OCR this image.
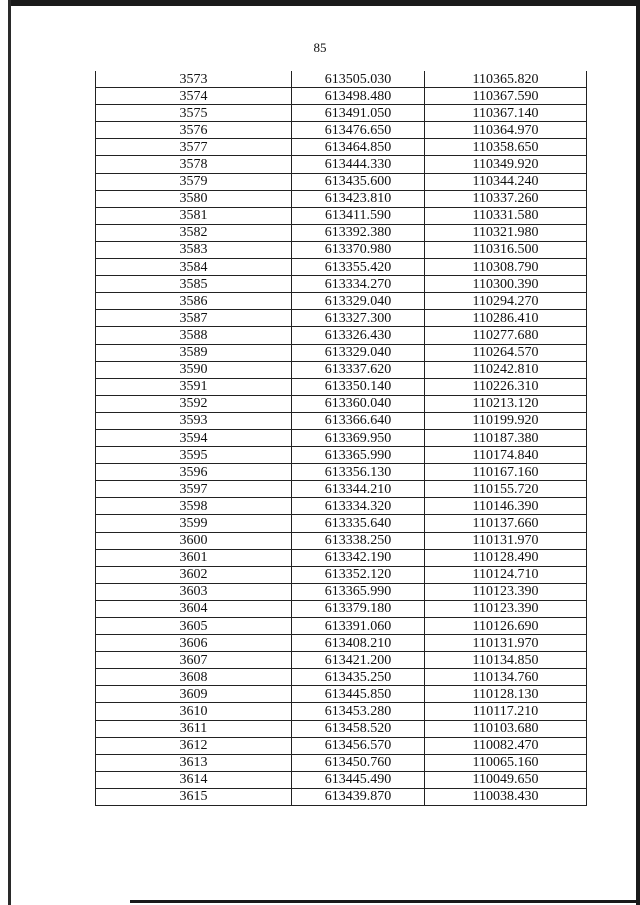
85
3573	613505.030	110365.820
3574	613498.480	110367.590
3575	613491.050	110367.140
3576	613476.650	110364.970
3577	613464.850	110358.650
3578	613444.330	110349.920
3579	613435.600	110344.240
3580	613423.810	110337.260
3581	613411.590	110331.580
3582	613392.380	110321.980
3583	613370.980	110316.500
3584	613355.420	110308.790
3585	613334.270	110300.390
3586	613329.040	110294.270
3587	613327.300	110286.410
3588	613326.430	110277.680
3589	613329.040	110264.570
3590	613337.620	110242.810
3591	613350.140	110226.310
3592	613360.040	110213.120
3593	613366.640	110199.920
3594	613369.950	110187.380
3595	613365.990	110174.840
3596	613356.130	110167.160
3597	613344.210	110155.720
3598	613334.320	110146.390
3599	613335.640	110137.660
3600	613338.250	110131.970
3601	613342.190	110128.490
3602	613352.120	110124.710
3603	613365.990	110123.390
3604	613379.180	110123.390
3605	613391.060	110126.690
3606	613408.210	110131.970
3607	613421.200	110134.850
3608	613435.250	110134.760
3609	613445.850	110128.130
3610	613453.280	110117.210
3611	613458.520	110103.680
3612	613456.570	110082.470
3613	613450.760	110065.160
3614	613445.490	110049.650
3615	613439.870	110038.430
